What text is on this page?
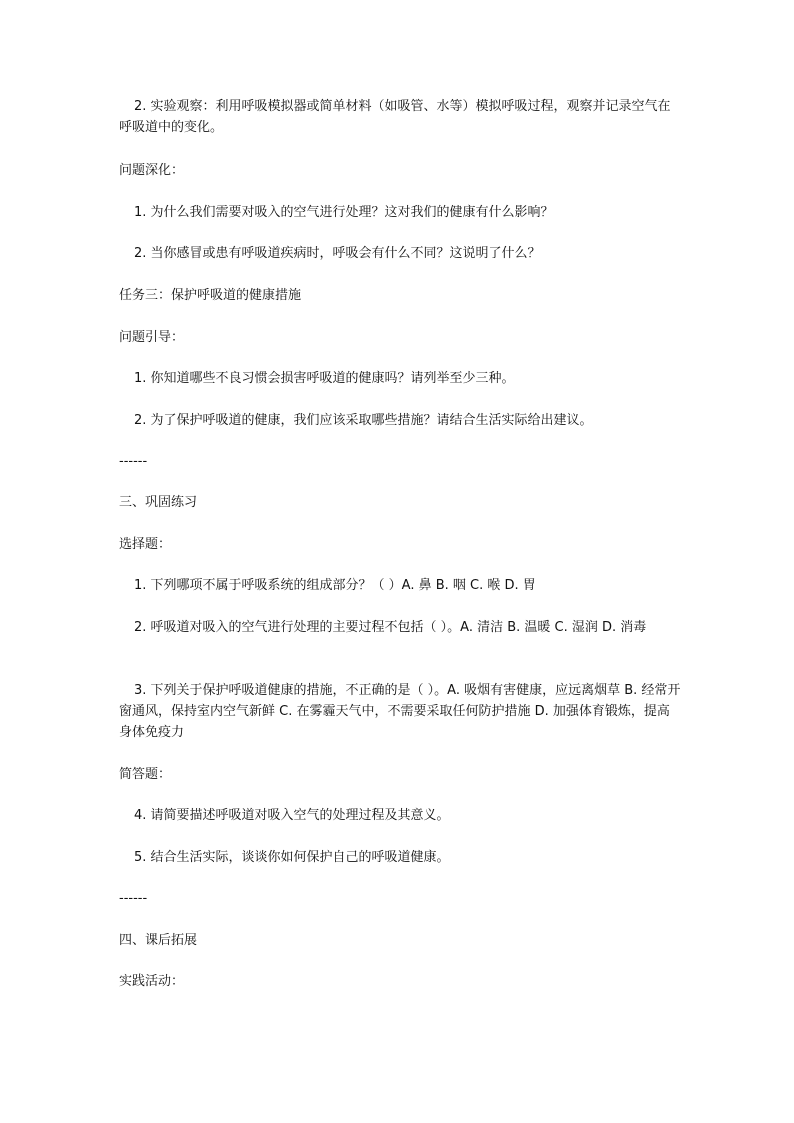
2. 实验观察：利用呼吸模拟器或简单材料（如吸管、水等）模拟呼吸过程，观察并记录空气在呼吸道中的变化。

问题深化：

1. 为什么我们需要对吸入的空气进行处理？这对我们的健康有什么影响？

2. 当你感冒或患有呼吸道疾病时，呼吸会有什么不同？这说明了什么？

任务三：保护呼吸道的健康措施

问题引导：

1. 你知道哪些不良习惯会损害呼吸道的健康吗？请列举至少三种。

2. 为了保护呼吸道的健康，我们应该采取哪些措施？请结合生活实际给出建议。

------

三、巩固练习

选择题：

1. 下列哪项不属于呼吸系统的组成部分？（ ）A. 鼻 B. 咽 C. 喉 D. 胃

2. 呼吸道对吸入的空气进行处理的主要过程不包括（ ）。A. 清洁 B. 温暖 C. 湿润 D. 消毒

3. 下列关于保护呼吸道健康的措施，不正确的是（ ）。A. 吸烟有害健康，应远离烟草 B. 经常开窗通风，保持室内空气新鲜 C. 在雾霾天气中，不需要采取任何防护措施 D. 加强体育锻炼，提高身体免疫力

简答题：

4. 请简要描述呼吸道对吸入空气的处理过程及其意义。

5. 结合生活实际，谈谈你如何保护自己的呼吸道健康。

------

四、课后拓展

实践活动：
